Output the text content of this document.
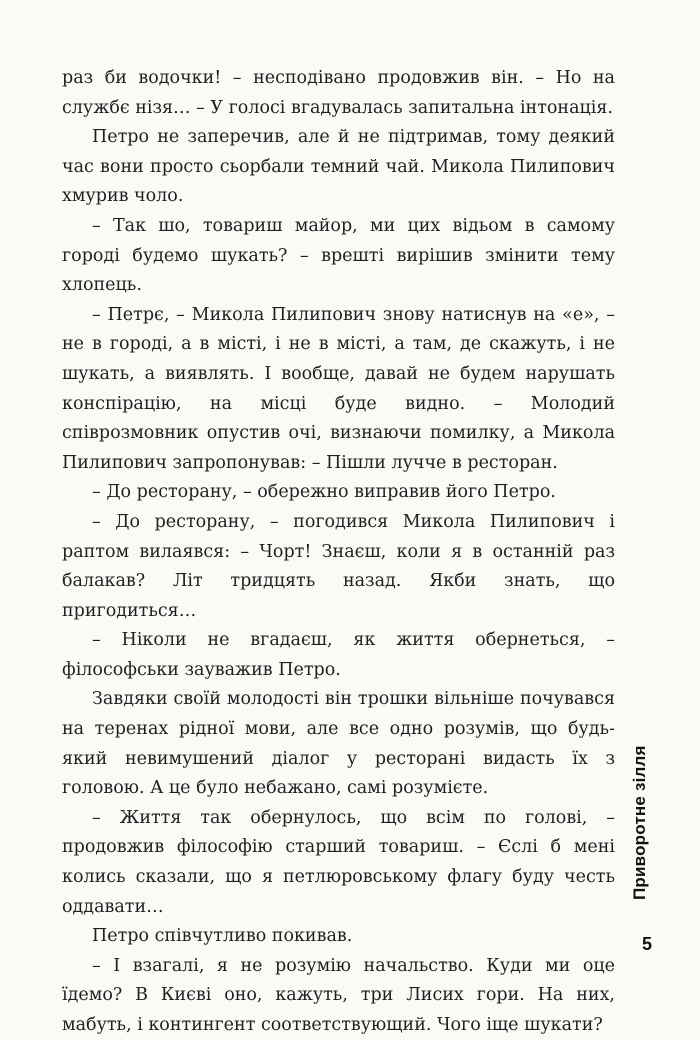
раз би водочки! – несподівано продовжив він. – Но на службє нізя… – У голосі вгадувалась запитальна інтонація.

Петро не заперечив, але й не підтримав, тому деякий час вони просто сьорбали темний чай. Микола Пилипович хмурив чоло.

– Так шо, товариш майор, ми цих відьом в самому городі будемо шукать? – врешті вирішив змінити тему хлопець.

– Петрє, – Микола Пилипович знову натиснув на «е», – не в городі, а в місті, і не в місті, а там, де скажуть, і не шукать, а виявлять. І вообще, давай не будем нарушать конспірацію, на місці буде видно. – Молодий співрозмовник опустив очі, визнаючи помилку, а Микола Пилипович запропонував: – Пішли лучче в ресторан.

– До ресторану, – обережно виправив його Петро.

– До ресторану, – погодився Микола Пилипович і раптом вилаявся: – Чорт! Знаєш, коли я в останній раз балакав? Літ тридцять назад. Якби знать, що пригодиться…

– Ніколи не вгадаєш, як життя обернеться, – філософськи зауважив Петро.

Завдяки своїй молодості він трошки вільніше почувався на теренах рідної мови, але все одно розумів, що будь-який невимушений діалог у ресторані видасть їх з головою. А це було небажано, самі розумієте.

– Життя так обернулось, що всім по голові, – продовжив філософію старший товариш. – Єслі б мені колись сказали, що я петлюровському флагу буду честь оддавати…

Петро співчутливо покивав.

– І взагалі, я не розумію начальство. Куди ми оце їдемо? В Києві оно, кажуть, три Лисих гори. На них, мабуть, і контингент соответствующий. Чого іще шукати?

Приворотне зілля
5
